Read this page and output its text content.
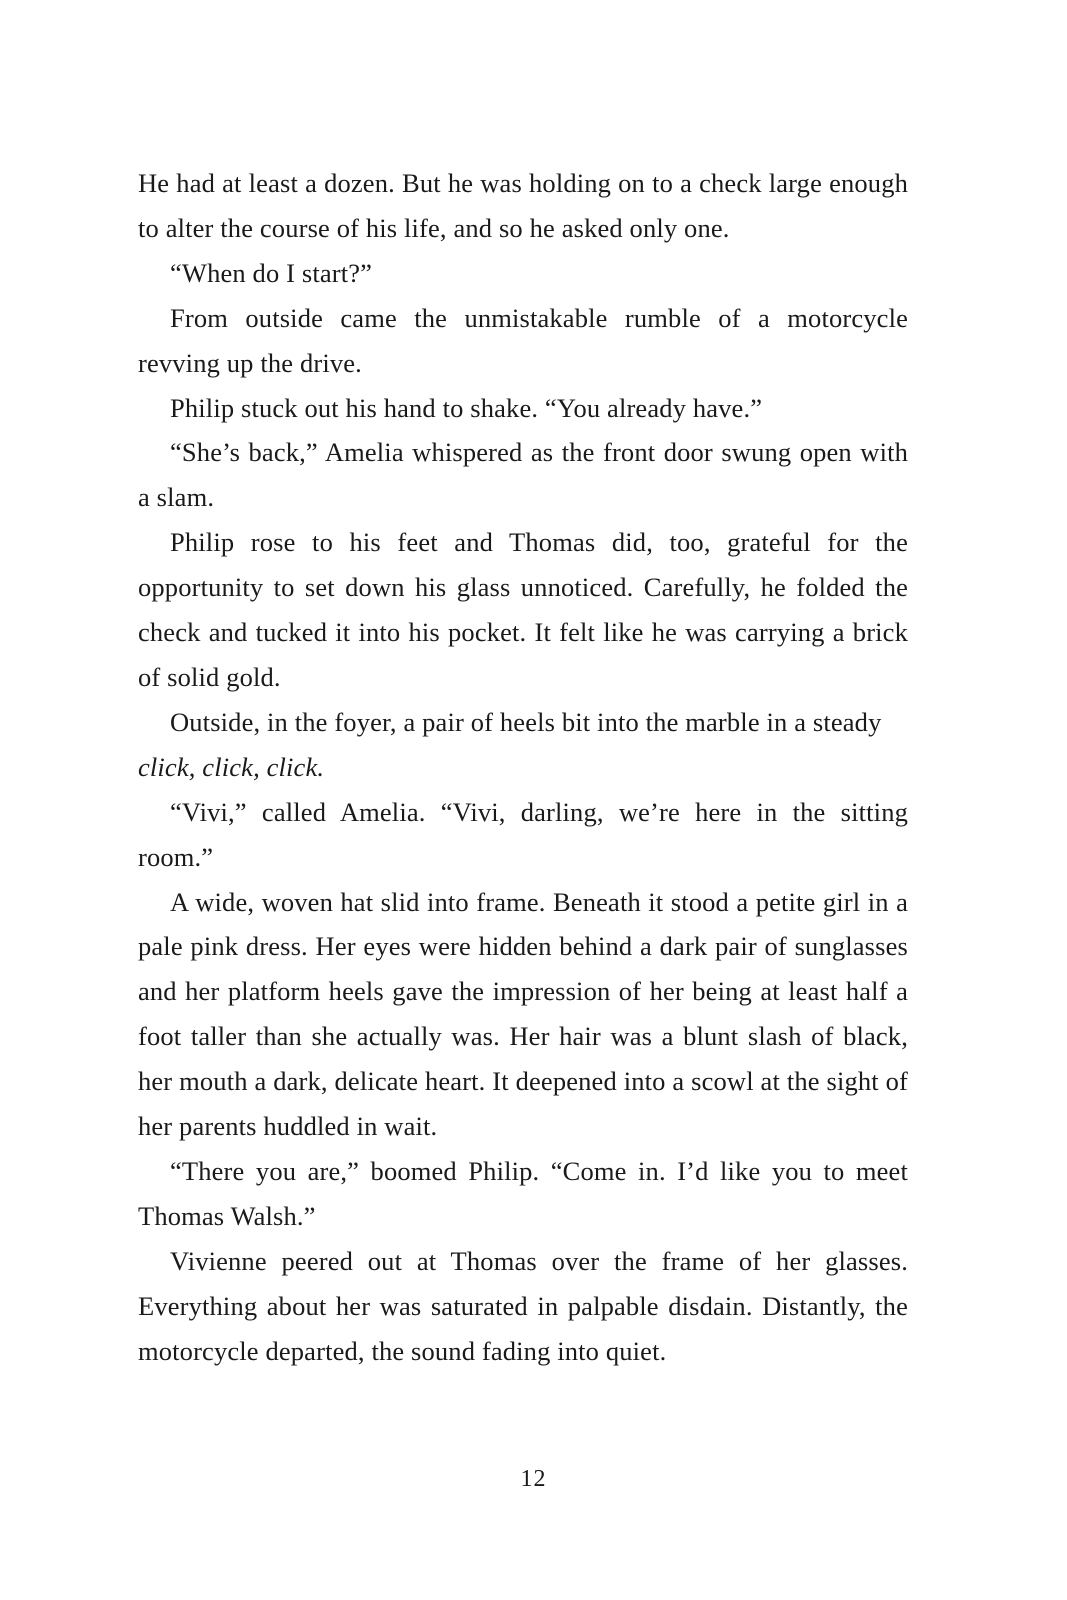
He had at least a dozen. But he was holding on to a check large enough to alter the course of his life, and so he asked only one.

“When do I start?”

From outside came the unmistakable rumble of a motorcycle revving up the drive.

Philip stuck out his hand to shake. “You already have.”

“She’s back,” Amelia whispered as the front door swung open with a slam.

Philip rose to his feet and Thomas did, too, grateful for the opportunity to set down his glass unnoticed. Carefully, he folded the check and tucked it into his pocket. It felt like he was carrying a brick of solid gold.

Outside, in the foyer, a pair of heels bit into the marble in a steady
click, click, click.

“Vivi,” called Amelia. “Vivi, darling, we’re here in the sitting room.”

A wide, woven hat slid into frame. Beneath it stood a petite girl in a pale pink dress. Her eyes were hidden behind a dark pair of sunglasses and her platform heels gave the impression of her being at least half a foot taller than she actually was. Her hair was a blunt slash of black, her mouth a dark, delicate heart. It deepened into a scowl at the sight of her parents huddled in wait.

“There you are,” boomed Philip. “Come in. I’d like you to meet Thomas Walsh.”

Vivienne peered out at Thomas over the frame of her glasses. Everything about her was saturated in palpable disdain. Distantly, the motorcycle departed, the sound fading into quiet.

12
